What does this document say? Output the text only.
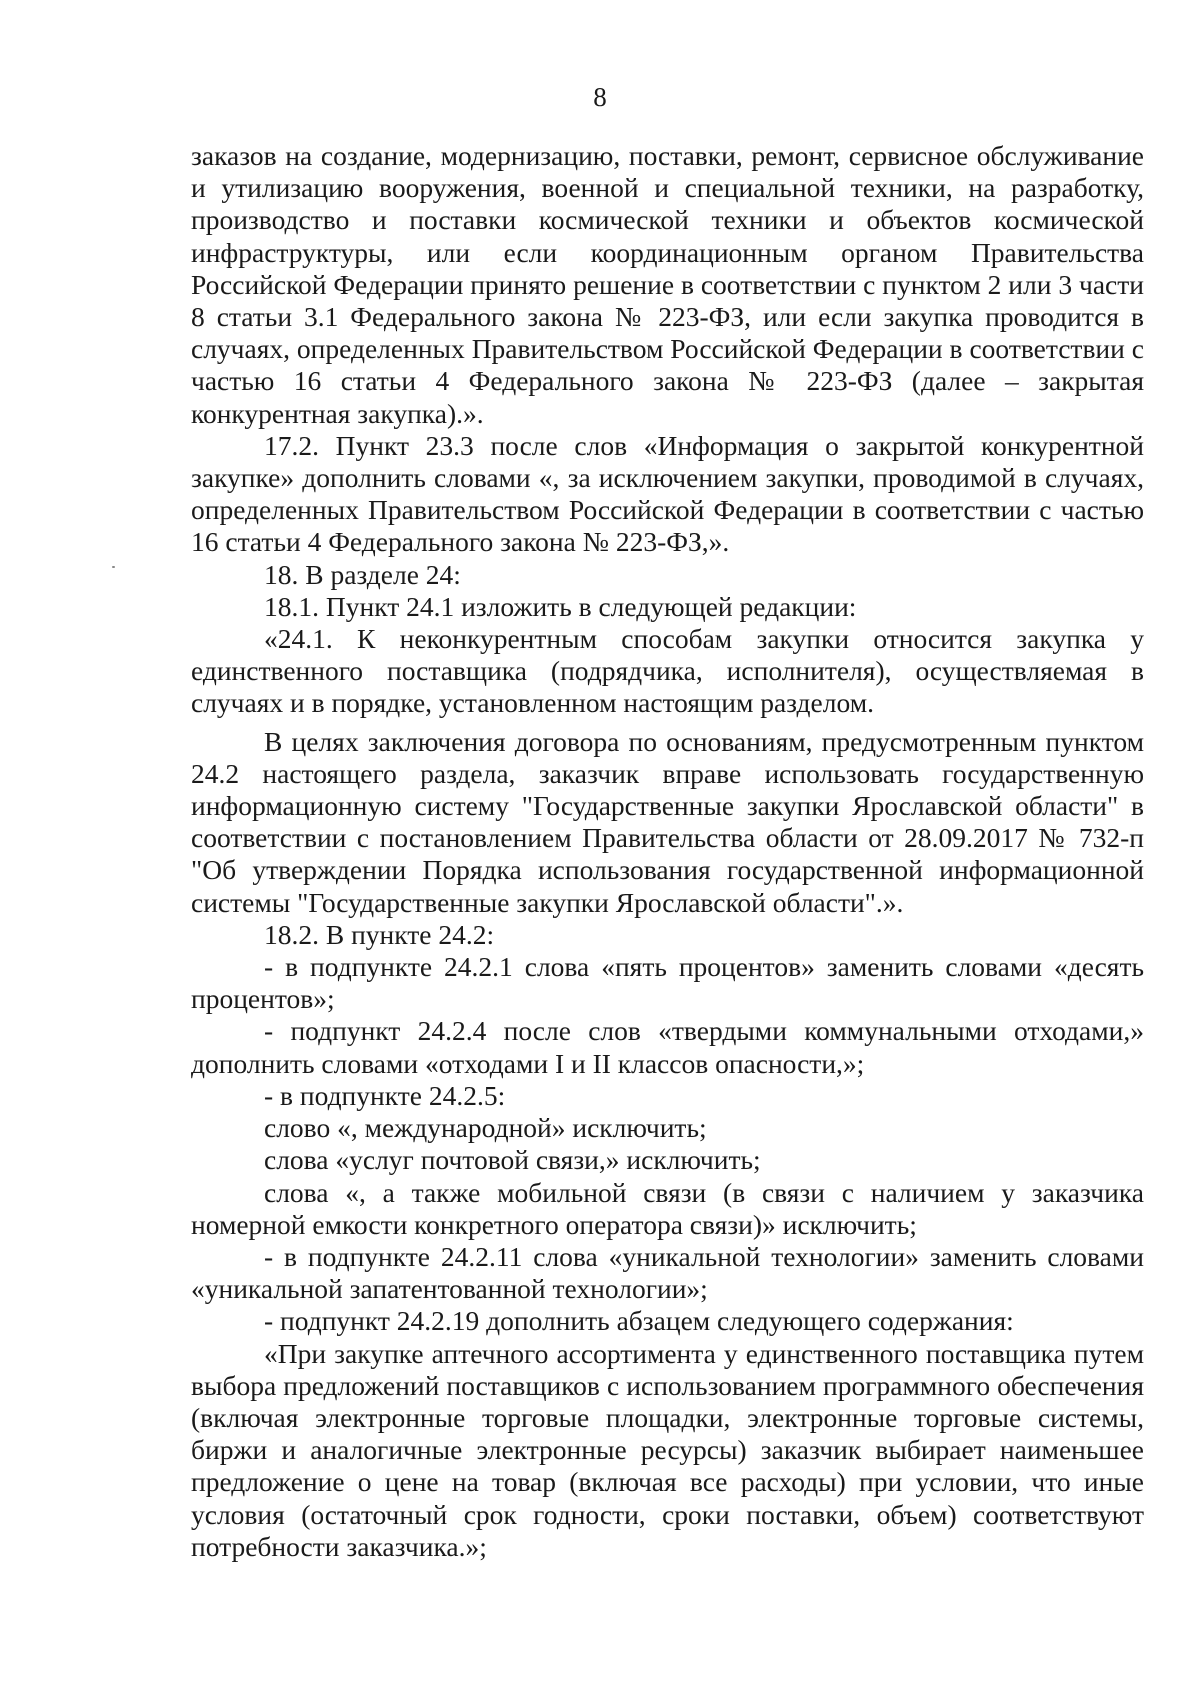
8

заказов на создание, модернизацию, поставки, ремонт, сервисное обслуживание и утилизацию вооружения, военной и специальной техники, на разработку, производство и поставки космической техники и объектов космической инфраструктуры, или если координационным органом Правительства Российской Федерации принято решение в соответствии с пунктом 2 или 3 части 8 статьи 3.1 Федерального закона № 223-ФЗ, или если закупка проводится в случаях, определенных Правительством Российской Федерации в соответствии с частью 16 статьи 4 Федерального закона № 223-ФЗ (далее – закрытая конкурентная закупка).».

17.2. Пункт 23.3 после слов «Информация о закрытой конкурентной закупке» дополнить словами «, за исключением закупки, проводимой в случаях, определенных Правительством Российской Федерации в соответствии с частью 16 статьи 4 Федерального закона № 223-ФЗ,».

18. В разделе 24:

18.1. Пункт 24.1 изложить в следующей редакции:

«24.1. К неконкурентным способам закупки относится закупка у единственного поставщика (подрядчика, исполнителя), осуществляемая в случаях и в порядке, установленном настоящим разделом.

В целях заключения договора по основаниям, предусмотренным пунктом 24.2 настоящего раздела, заказчик вправе использовать государственную информационную систему "Государственные закупки Ярославской области" в соответствии с постановлением Правительства области от 28.09.2017 № 732-п "Об утверждении Порядка использования государственной информационной системы "Государственные закупки Ярославской области".».

18.2. В пункте 24.2:

- в подпункте 24.2.1 слова «пять процентов» заменить словами «десять процентов»;

- подпункт 24.2.4 после слов «твердыми коммунальными отходами,» дополнить словами «отходами I и II классов опасности,»;

- в подпункте 24.2.5:

слово «, международной» исключить;

слова «услуг почтовой связи,» исключить;

слова «, а также мобильной связи (в связи с наличием у заказчика номерной емкости конкретного оператора связи)» исключить;

- в подпункте 24.2.11 слова «уникальной технологии» заменить словами «уникальной запатентованной технологии»;

- подпункт 24.2.19 дополнить абзацем следующего содержания:

«При закупке аптечного ассортимента у единственного поставщика путем выбора предложений поставщиков с использованием программного обеспечения (включая электронные торговые площадки, электронные торговые системы, биржи и аналогичные электронные ресурсы) заказчик выбирает наименьшее предложение о цене на товар (включая все расходы) при условии, что иные условия (остаточный срок годности, сроки поставки, объем) соответствуют потребности заказчика.»;
